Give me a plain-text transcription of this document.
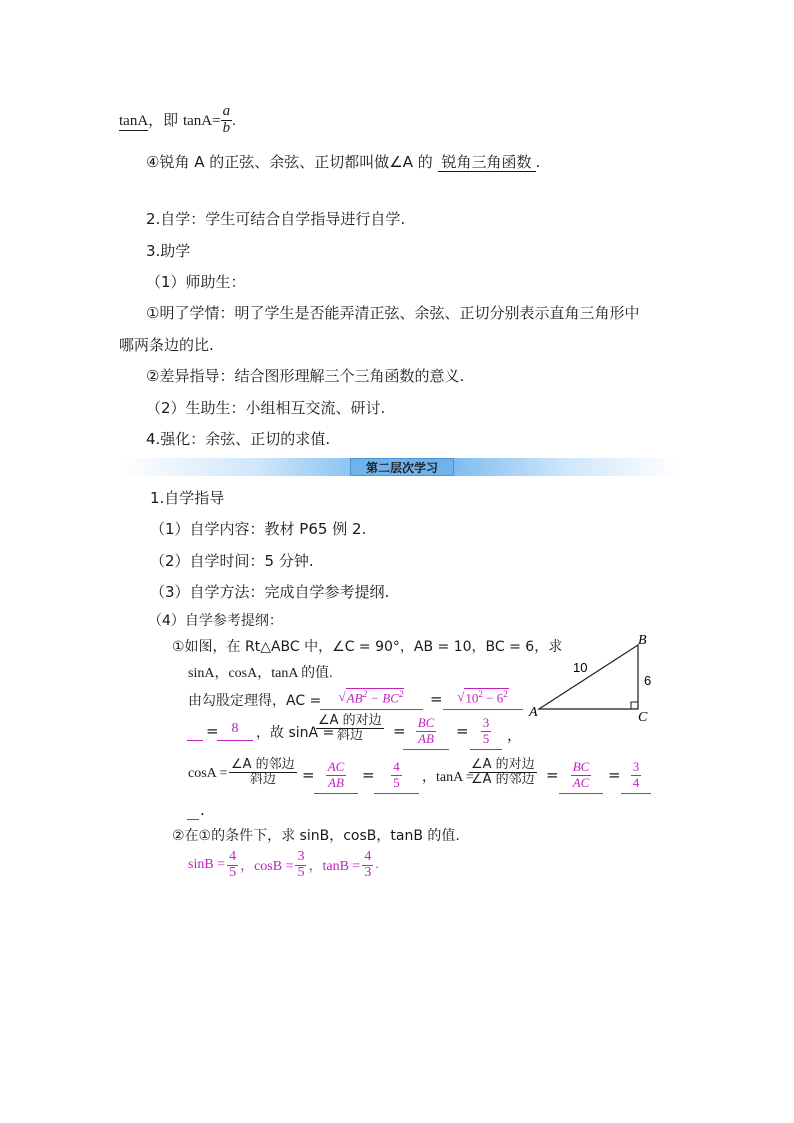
tanA，即 $\tan A= \frac{a}{b}$ .
④锐角 A 的正弦、余弦、正切都叫做∠A 的 锐角三角函数 .
2.自学：学生可结合自学指导进行自学.
3.助学
（1）师助生：
①明了学情：明了学生是否能弄清正弦、余弦、正切分别表示直角三角形中
哪两条边的比.
②差异指导：结合图形理解三个三角函数的意义.
（2）生助生：小组相互交流、研讨.
4.强化：余弦、正切的求值.
第二层次学习
1.自学指导
（1）自学内容：教材 P65 例 2.
（2）自学时间：5 分钟.
（3）自学方法：完成自学参考提纲.
（4）自学参考提纲：
①如图，在 Rt△ABC 中，∠C = 90°，AB = 10，BC = 6，求
sinA，cosA，tanA 的值.
由勾股定理得，AC = √ $AB^2 - BC^2$ = √ $10^2 - 6^2$
= 8	，故 sinA =
$\frac{\text{∠A 的对边}}{\text{斜边}} = \frac{BC}{AB} = \frac{3}{5}$ ，
$\cos A = \frac{\text{∠A 的邻边}}{\text{斜边}} = \frac{AC}{AB} = \frac{4}{5}$ ，tanA =
$\frac{\text{∠A 的对边}}{\text{∠A 的邻边}} = \frac{BC}{AC} = \frac{3}{4}$
.
A
B
C
10
6
②在①的条件下，求 sinB，cosB，tanB 的值.
$\sin B = \frac{4}{5}$ ，$\cos B = \frac{3}{5}$ ，$\tan B = \frac{4}{3}$ .
